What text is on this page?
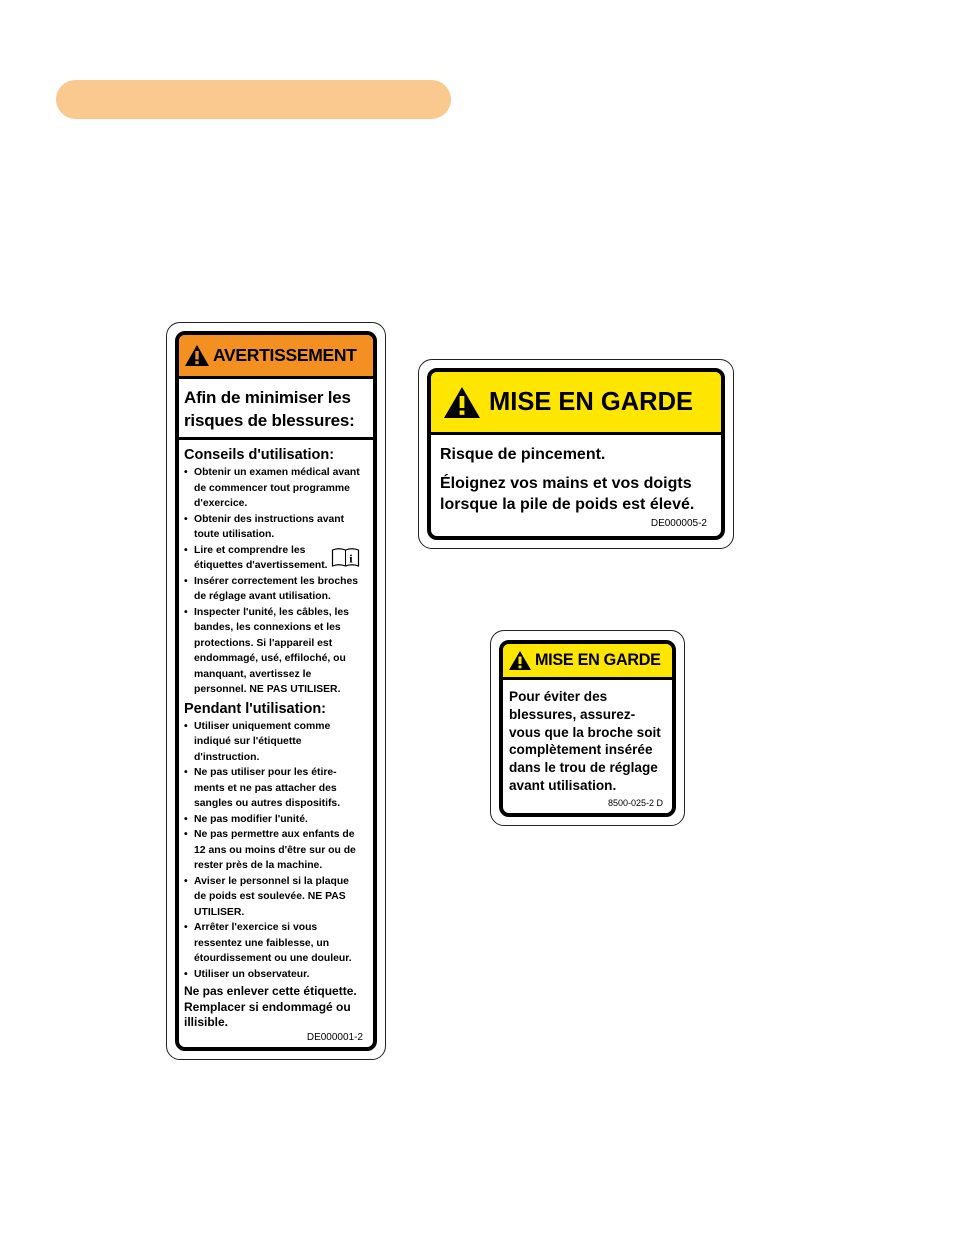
AVERTISSEMENT
Afin de minimiser les risques de blessures:
i
Conseils d'utilisation:
• Obtenir un examen médical avant
de commencer tout programme
d'exercice.
• Obtenir des instructions avant
toute utilisation.
• Lire et comprendre les
étiquettes d'avertissement.
• Insérer correctement les broches
de réglage avant utilisation.
• Inspecter l'unité, les câbles, les
bandes, les connexions et les
protections. Si l'appareil est
endommagé, usé, effiloché, ou
manquant, avertissez le
personnel. NE PAS UTILISER.
Pendant l'utilisation:
• Utiliser uniquement comme
indiqué sur l'étiquette
d'instruction.
• Ne pas utiliser pour les étire-
ments et ne pas attacher des
sangles ou autres dispositifs.
• Ne pas modifier l'unité.
• Ne pas permettre aux enfants de
12 ans ou moins d'être sur ou de
rester près de la machine.
• Aviser le personnel si la plaque
de poids est soulevée. NE PAS
UTILISER.
• Arrêter l'exercice si vous
ressentez une faiblesse, un
étourdissement ou une douleur.
• Utiliser un observateur.
Ne pas enlever cette étiquette.
Remplacer si endommagé ou
illisible.
DE000001-2
MISE EN GARDE
Risque de pincement.
Éloignez vos mains et vos doigts
lorsque la pile de poids est élevé.
DE000005-2
MISE EN GARDE
Pour éviter des
blessures, assurez-
vous que la broche soit
complètement insérée
dans le trou de réglage
avant utilisation.
8500-025-2 D
